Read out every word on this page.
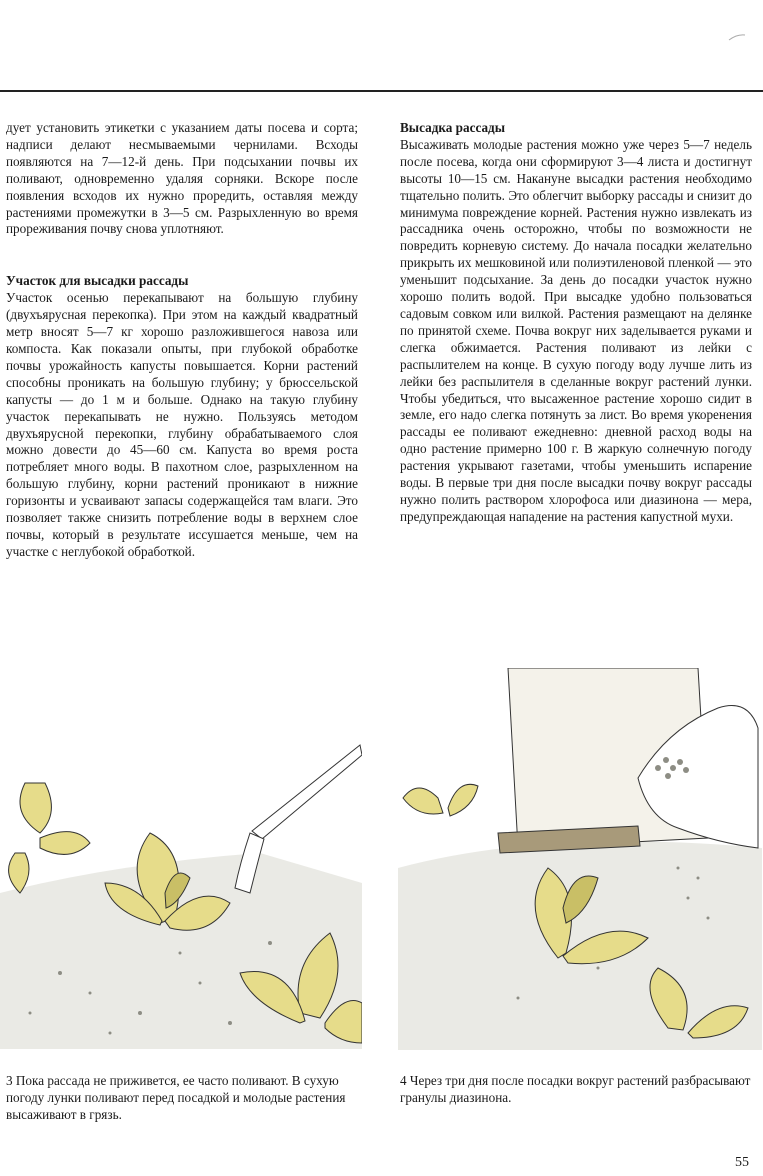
дует установить этикетки с указанием даты посева и сорта; надписи делают несмываемыми чернилами. Всходы появляются на 7—12-й день. При подсыхании почвы их поливают, одновременно удаляя сорняки. Вскоре после появления всходов их нужно проредить, оставляя между растениями промежутки в 3—5 см. Разрыхленную во время прореживания почву снова уплотняют.

Участок для высадки рассады

Участок осенью перекапывают на большую глубину (двухъярусная перекопка). При этом на каждый квадратный метр вносят 5—7 кг хорошо разложившегося навоза или компоста. Как показали опыты, при глубокой обработке почвы урожайность капусты повышается. Корни растений способны проникать на большую глубину; у брюссельской капусты — до 1 м и больше. Однако на такую глубину участок перекапывать не нужно. Пользуясь методом двухъярусной перекопки, глубину обрабатываемого слоя можно довести до 45—60 см. Капуста во время роста потребляет много воды. В пахотном слое, разрыхленном на большую глубину, корни растений проникают в нижние горизонты и усваивают запасы содержащейся там влаги. Это позволяет также снизить потребление воды в верхнем слое почвы, который в результате иссушается меньше, чем на участке с неглубокой обработкой.

Высадка рассады

Высаживать молодые растения можно уже через 5—7 недель после посева, когда они сформируют 3—4 листа и достигнут высоты 10—15 см. Накануне высадки растения необходимо тщательно полить. Это облегчит выборку рассады и снизит до минимума повреждение корней. Растения нужно извлекать из рассадника очень осторожно, чтобы по возможности не повредить корневую систему. До начала посадки желательно прикрыть их мешковиной или полиэтиленовой пленкой — это уменьшит подсыхание. За день до посадки участок нужно хорошо полить водой. При высадке удобно пользоваться садовым совком или вилкой. Растения размещают на делянке по принятой схеме. Почва вокруг них заделывается руками и слегка обжимается. Растения поливают из лейки с распылителем на конце. В сухую погоду воду лучше лить из лейки без распылителя в сделанные вокруг растений лунки. Чтобы убедиться, что высаженное растение хорошо сидит в земле, его надо слегка потянуть за лист. Во время укоренения рассады ее поливают ежедневно: дневной расход воды на одно растение примерно 100 г. В жаркую солнечную погоду растения укрывают газетами, чтобы уменьшить испарение воды. В первые три дня после высадки почву вокруг рассады нужно полить раствором хлорофоса или диазинона — мера, предупреждающая нападение на растения капустной мухи.

3 Пока рассада не приживется, ее часто поливают. В сухую погоду лунки поливают перед посадкой и молодые растения высаживают в грязь.
4 Через три дня после посадки вокруг растений разбрасывают гранулы диазинона.
55
